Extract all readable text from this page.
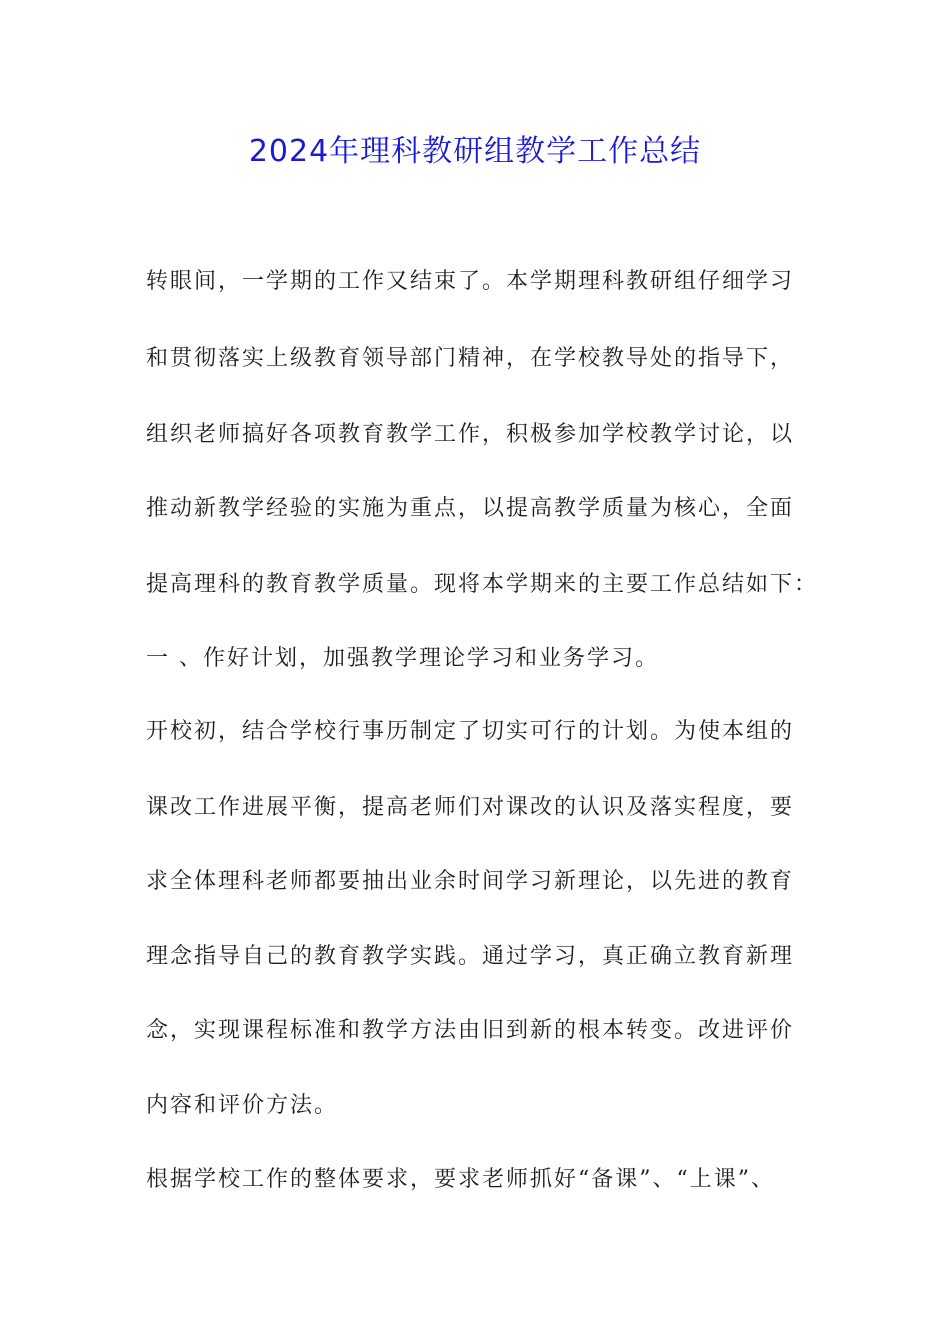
2024年理科教研组教学工作总结

转眼间，一学期的工作又结束了。本学期理科教研组仔细学习

和贯彻落实上级教育领导部门精神，在学校教导处的指导下，

组织老师搞好各项教育教学工作，积极参加学校教学讨论，以

推动新教学经验的实施为重点，以提高教学质量为核心，全面

提高理科的教育教学质量。现将本学期来的主要工作总结如下：

一 、作好计划，加强教学理论学习和业务学习。

开校初，结合学校行事历制定了切实可行的计划。为使本组的

课改工作进展平衡，提高老师们对课改的认识及落实程度，要

求全体理科老师都要抽出业余时间学习新理论，以先进的教育

理念指导自己的教育教学实践。通过学习，真正确立教育新理

念，实现课程标准和教学方法由旧到新的根本转变。改进评价

内容和评价方法。

根据学校工作的整体要求，要求老师抓好“备课”、“上课”、
